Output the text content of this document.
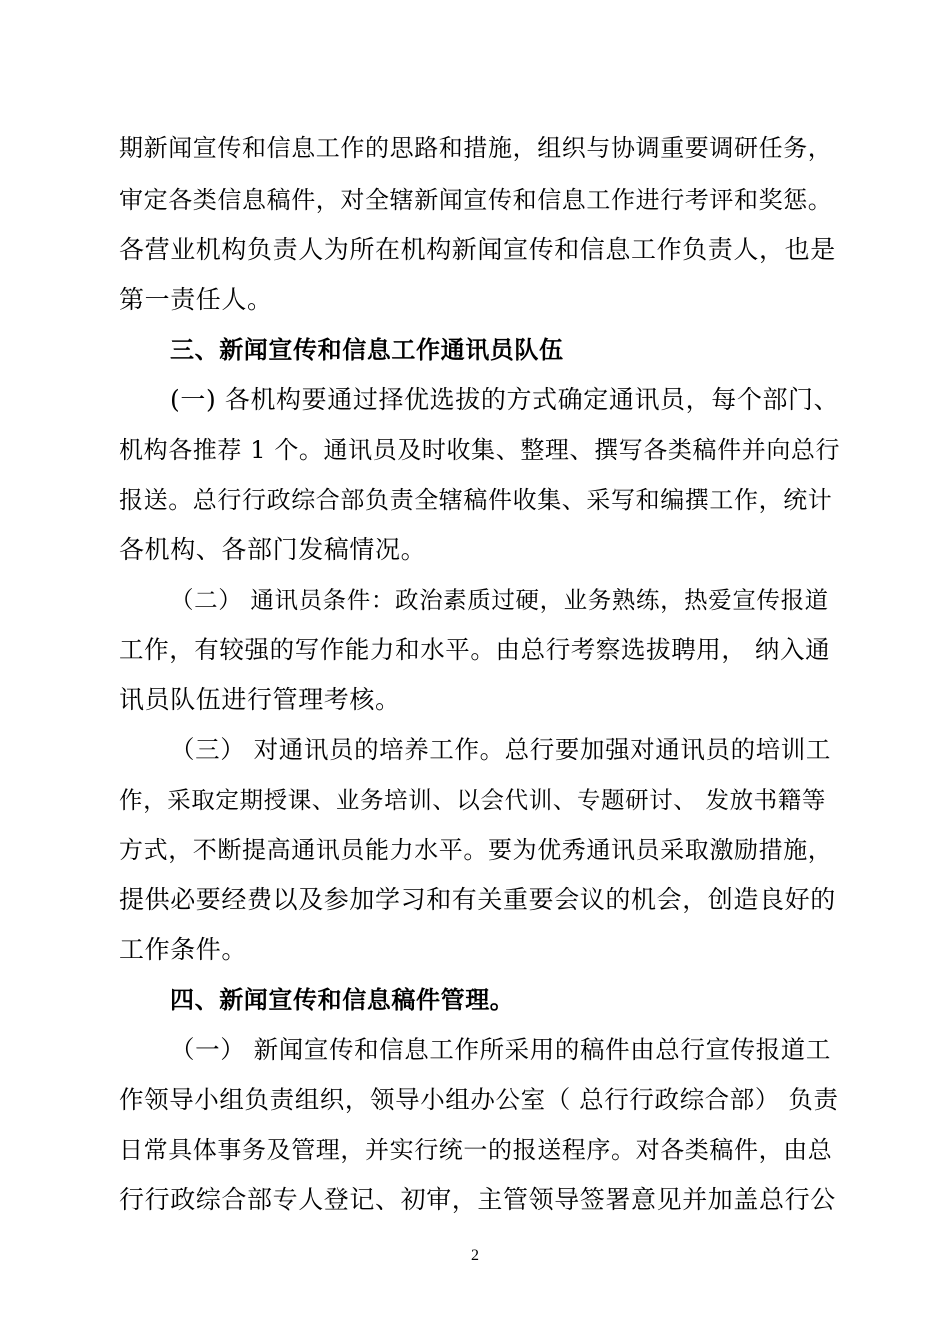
期新闻宣传和信息工作的思路和措施，组织与协调重要调研任务，
审定各类信息稿件，对全辖新闻宣传和信息工作进行考评和奖惩。
各营业机构负责人为所在机构新闻宣传和信息工作负责人，也是
第一责任人。
三、新闻宣传和信息工作通讯员队伍
(一) 各机构要通过择优选拔的方式确定通讯员，每个部门、
机构各推荐 1 个。通讯员及时收集、整理、撰写各类稿件并向总行
报送。总行行政综合部负责全辖稿件收集、采写和编撰工作，统计
各机构、各部门发稿情况。
（二） 通讯员条件：政治素质过硬，业务熟练，热爱宣传报道
工作，有较强的写作能力和水平。由总行考察选拔聘用， 纳入通
讯员队伍进行管理考核。
（三） 对通讯员的培养工作。总行要加强对通讯员的培训工
作，采取定期授课、业务培训、以会代训、专题研讨、 发放书籍等
方式，不断提高通讯员能力水平。要为优秀通讯员采取激励措施，
提供必要经费以及参加学习和有关重要会议的机会，创造良好的
工作条件。
四、新闻宣传和信息稿件管理。
（一） 新闻宣传和信息工作所采用的稿件由总行宣传报道工
作领导小组负责组织，领导小组办公室（ 总行行政综合部） 负责
日常具体事务及管理，并实行统一的报送程序。对各类稿件，由总
行行政综合部专人登记、初审，主管领导签署意见并加盖总行公
2
